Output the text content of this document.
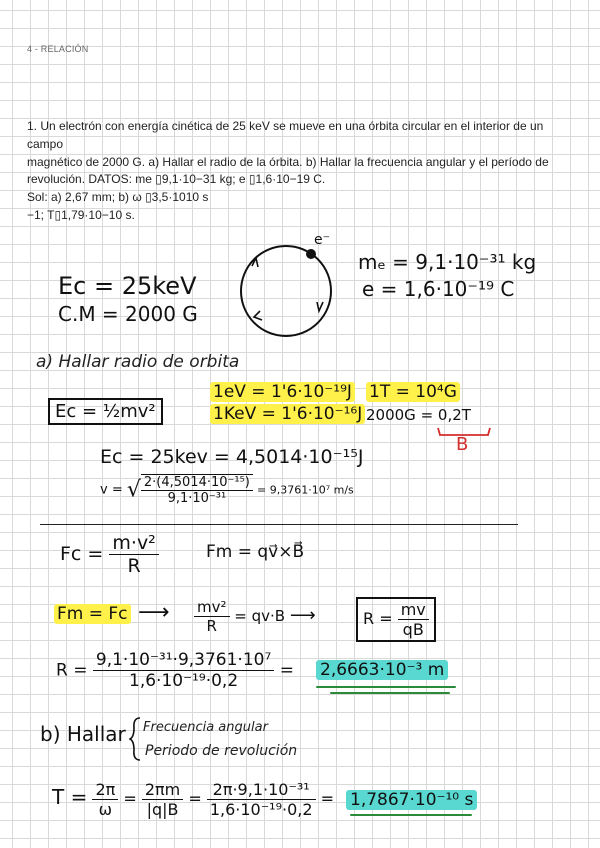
4 - RELACIÓN
1. Un electrón con energía cinética de 25 keV se mueve en una órbita circular en el interior de un campo
magnético de 2000 G. a) Hallar el radio de la órbita. b) Hallar la frecuencia angular y el período de
revolución. DATOS: me ▯9,1·10−31 kg; e ▯1,6·10−19 C.
Sol: a) 2,67 mm; b) ω ▯3,5·1010 s
−1; T▯1,79·10−10 s.
e⁻
mₑ = 9,1·10⁻³¹ kg
e = 1,6·10⁻¹⁹ C
Ec = 25keV
C.M = 2000 G
a) Hallar radio de orbita
Ec = ½mv²
1eV = 1'6·10⁻¹⁹J
1KeV = 1'6·10⁻¹⁶J
1T = 10⁴G
2000G = 0,2T
B
Ec = 25kev = 4,5014·10⁻¹⁵J
v = √ $\frac{\text{2·(4,5014·10⁻¹⁵)}}{\text{9,1·10⁻³¹}} = 9,3761\cdot 10^7$ m/s
$Fc = \frac{\text{m·v²}}{R}$	Fm = qv⃗×B⃗
Fm = Fc ⟶ $\frac{\text{mv²}}{R} = qv\cdot B$ ⟶	$R = \frac{mv}{qB}$
$R = \frac{\text{9,1·10⁻³¹·9,3761·10⁷}}{\text{1,6·10⁻¹⁹·0,2}} = 2,6663\cdot 10^{-3}$ m
b) Hallar Frecuencia angular
Periodo de revolución
$T = \frac{2\pi}{\omega} = \frac{2\pi m}{|q|B} = \frac{\text{2π·9,1·10⁻³¹}}{\text{1,6·10⁻¹⁹·0,2}} = 1,7867\cdot 10^{-10}$ s
